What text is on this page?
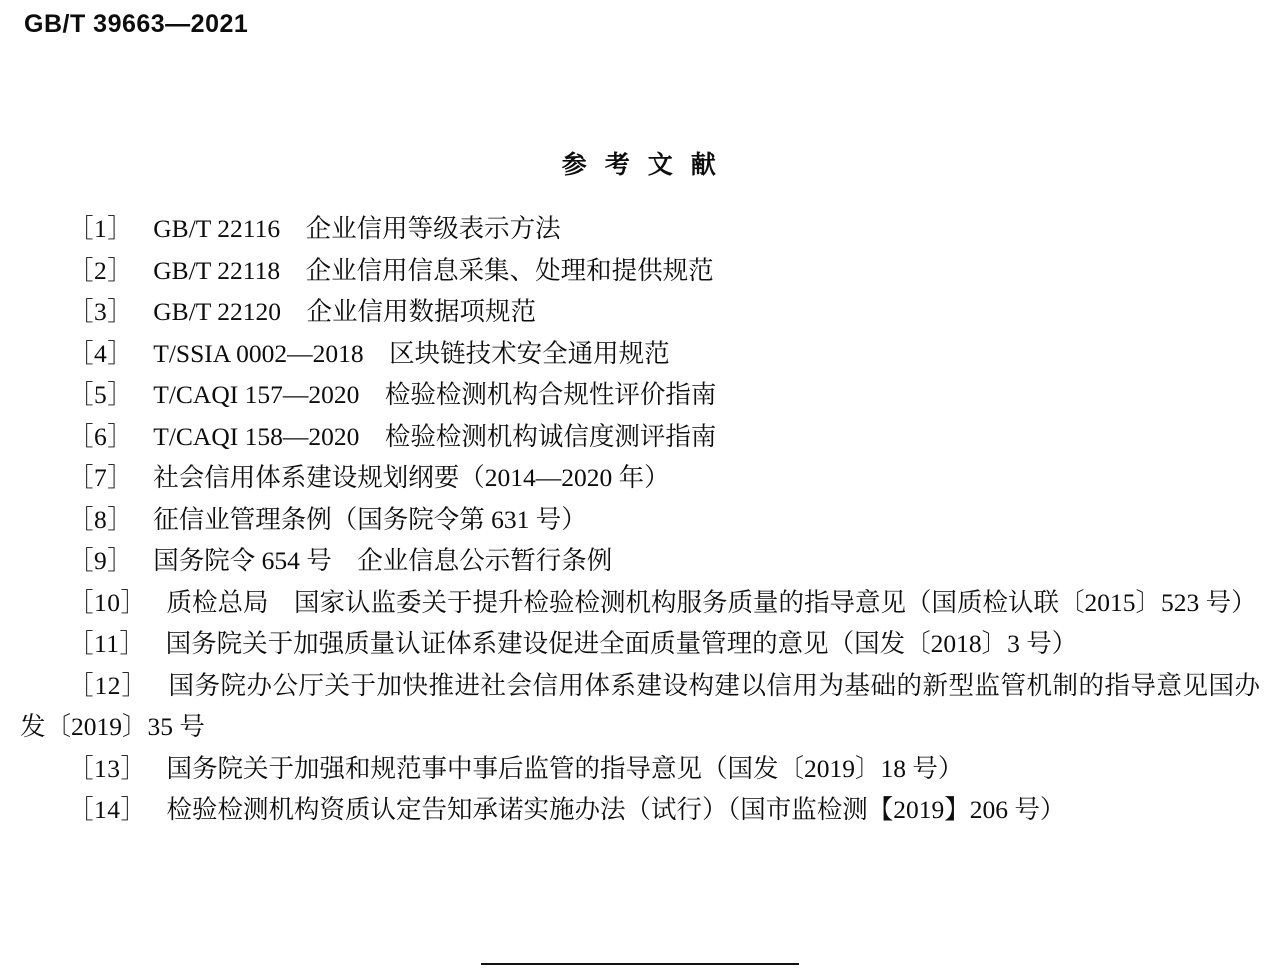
GB/T 39663—2021
参 考 文 献

［1］ GB/T 22116　企业信用等级表示方法

［2］ GB/T 22118　企业信用信息采集、处理和提供规范

［3］ GB/T 22120　企业信用数据项规范

［4］ T/SSIA 0002—2018　区块链技术安全通用规范

［5］ T/CAQI 157—2020　检验检测机构合规性评价指南

［6］ T/CAQI 158—2020　检验检测机构诚信度测评指南

［7］ 社会信用体系建设规划纲要（2014—2020 年）

［8］ 征信业管理条例（国务院令第 631 号）

［9］ 国务院令 654 号　企业信息公示暂行条例

［10］ 质检总局　国家认监委关于提升检验检测机构服务质量的指导意见（国质检认联〔2015〕523 号）

［11］ 国务院关于加强质量认证体系建设促进全面质量管理的意见（国发〔2018〕3 号）

［12］ 国务院办公厅关于加快推进社会信用体系建设构建以信用为基础的新型监管机制的指导意见国办发〔2019〕35 号

［13］ 国务院关于加强和规范事中事后监管的指导意见（国发〔2019〕18 号）

［14］ 检验检测机构资质认定告知承诺实施办法（试行）（国市监检测【2019】206 号）
